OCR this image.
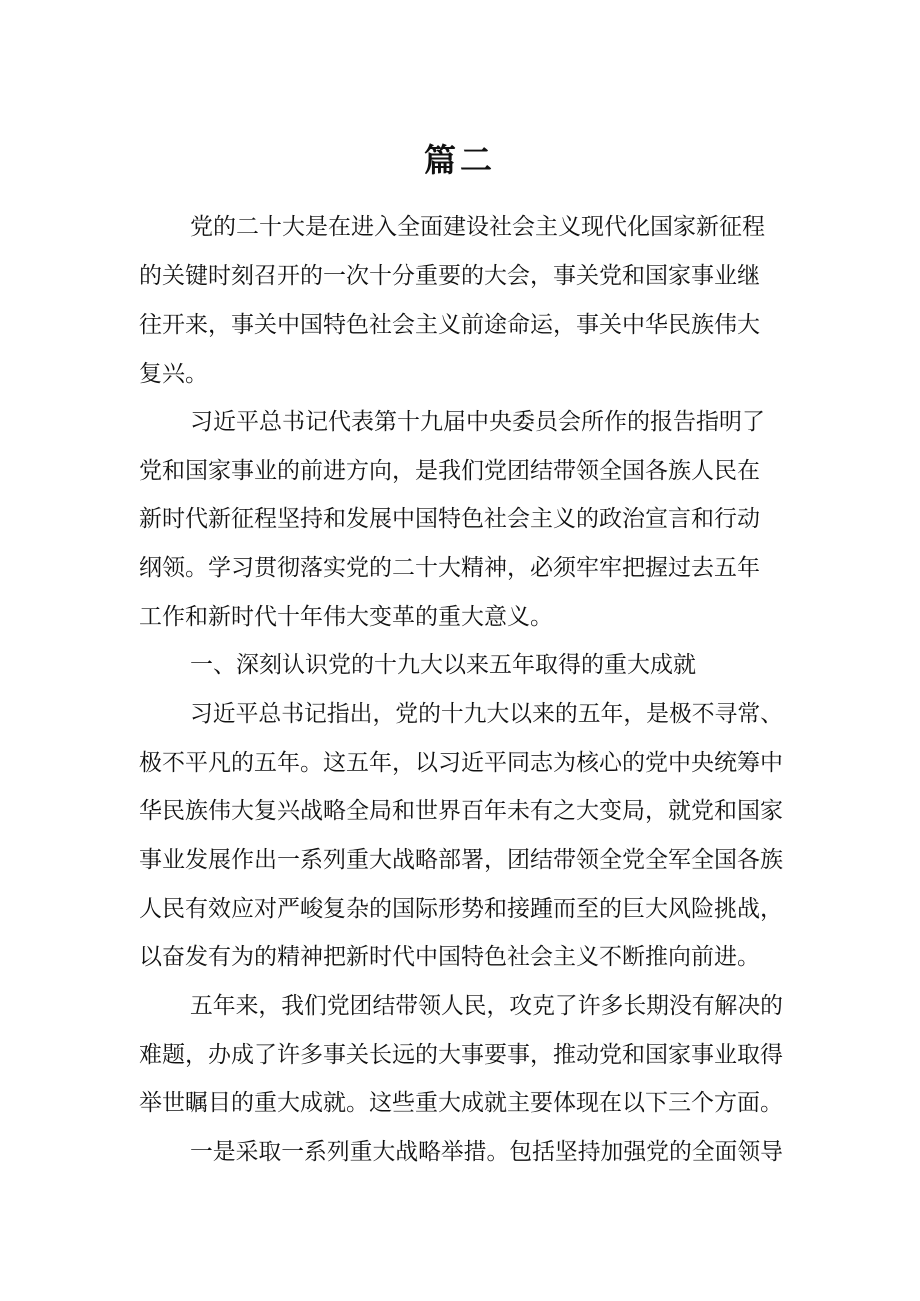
篇二
党的二十大是在进入全面建设社会主义现代化国家新征程
的关键时刻召开的一次十分重要的大会，事关党和国家事业继
往开来，事关中国特色社会主义前途命运，事关中华民族伟大
复兴。
习近平总书记代表第十九届中央委员会所作的报告指明了
党和国家事业的前进方向，是我们党团结带领全国各族人民在
新时代新征程坚持和发展中国特色社会主义的政治宣言和行动
纲领。学习贯彻落实党的二十大精神，必须牢牢把握过去五年
工作和新时代十年伟大变革的重大意义。
一、深刻认识党的十九大以来五年取得的重大成就
习近平总书记指出，党的十九大以来的五年，是极不寻常、
极不平凡的五年。这五年，以习近平同志为核心的党中央统筹中
华民族伟大复兴战略全局和世界百年未有之大变局，就党和国家
事业发展作出一系列重大战略部署，团结带领全党全军全国各族
人民有效应对严峻复杂的国际形势和接踵而至的巨大风险挑战，
以奋发有为的精神把新时代中国特色社会主义不断推向前进。
五年来，我们党团结带领人民，攻克了许多长期没有解决的
难题，办成了许多事关长远的大事要事，推动党和国家事业取得
举世瞩目的重大成就。这些重大成就主要体现在以下三个方面。
一是采取一系列重大战略举措。包括坚持加强党的全面领导
